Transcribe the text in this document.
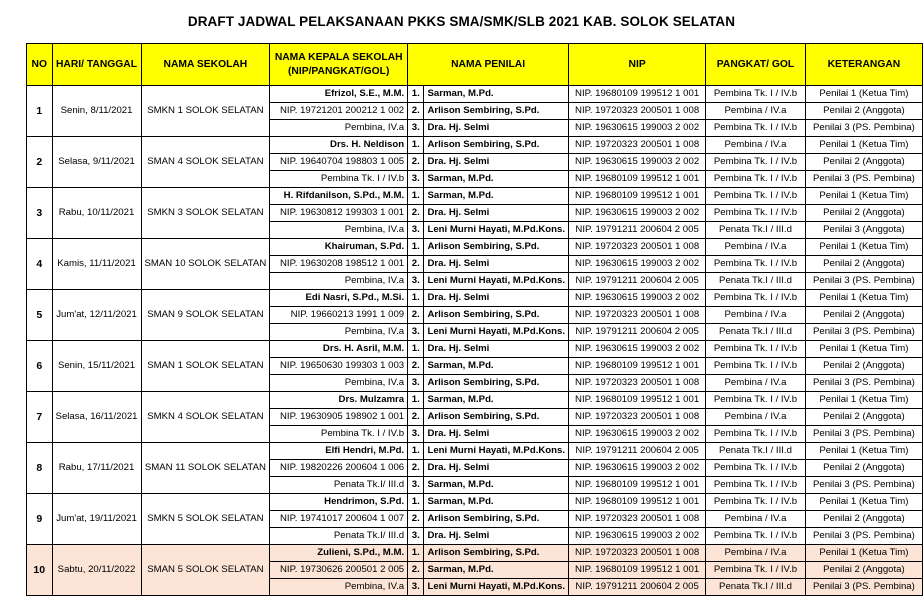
DRAFT JADWAL PELAKSANAAN PKKS SMA/SMK/SLB 2021 KAB. SOLOK SELATAN
NO	HARI/ TANGGAL	NAMA SEKOLAH	NAMA KEPALA SEKOLAH (NIP/PANGKAT/GOL)	NAMA PENILAI		NIP	PANGKAT/ GOL	KETERANGAN
1	Senin, 8/11/2021	SMKN 1 SOLOK SELATAN	Efrizol, S.E., M.M.	1.	Sarman, M.Pd.	NIP. 19680109 199512 1 001	Pembina Tk. I / IV.b	Penilai 1 (Ketua Tim)
			NIP. 19721201 200212 1 002	2.	Arlison Sembiring, S.Pd.	NIP. 19720323 200501 1 008	Pembina / IV.a	Penilai 2 (Anggota)
			Pembina, IV.a	3.	Dra. Hj. Selmi	NIP. 19630615 199003 2 002	Pembina Tk. I / IV.b	Penilai 3 (PS. Pembina)
2	Selasa, 9/11/2021	SMAN 4 SOLOK SELATAN	Drs. H. Neldison	1.	Arlison Sembiring, S.Pd.	NIP. 19720323 200501 1 008	Pembina / IV.a	Penilai 1 (Ketua Tim)
			NIP. 19640704 198803 1 005	2.	Dra. Hj. Selmi	NIP. 19630615 199003 2 002	Pembina Tk. I / IV.b	Penilai 2 (Anggota)
			Pembina Tk. I / IV.b	3.	Sarman, M.Pd.	NIP. 19680109 199512 1 001	Pembina Tk. I / IV.b	Penilai 3 (PS. Pembina)
3	Rabu, 10/11/2021	SMKN 3 SOLOK SELATAN	H. Rifdanilson, S.Pd., M.M.	1.	Sarman, M.Pd.	NIP. 19680109 199512 1 001	Pembina Tk. I / IV.b	Penilai 1 (Ketua Tim)
			NIP. 19630812 199303 1 001	2.	Dra. Hj. Selmi	NIP. 19630615 199003 2 002	Pembina Tk. I / IV.b	Penilai 2 (Anggota)
			Pembina, IV.a	3.	Leni Murni Hayati, M.Pd.Kons.	NIP. 19791211 200604 2 005	Penata Tk.I / III.d	Penilai 3 (Anggota)
4	Kamis, 11/11/2021	SMAN 10 SOLOK SELATAN	Khairuman, S.Pd.	1.	Arlison Sembiring, S.Pd.	NIP. 19720323 200501 1 008	Pembina / IV.a	Penilai 1 (Ketua Tim)
			NIP. 19630208 198512 1 001	2.	Dra. Hj. Selmi	NIP. 19630615 199003 2 002	Pembina Tk. I / IV.b	Penilai 2 (Anggota)
			Pembina, IV.a	3.	Leni Murni Hayati, M.Pd.Kons.	NIP. 19791211 200604 2 005	Penata Tk.I / III.d	Penilai 3 (PS. Pembina)
5	Jum'at, 12/11/2021	SMAN 9 SOLOK SELATAN	Edi Nasri, S.Pd., M.Si.	1.	Dra. Hj. Selmi	NIP. 19630615 199003 2 002	Pembina Tk. I / IV.b	Penilai 1 (Ketua Tim)
			NIP. 19660213 1991 1 009	2.	Arlison Sembiring, S.Pd.	NIP. 19720323 200501 1 008	Pembina / IV.a	Penilai 2 (Anggota)
			Pembina, IV.a	3.	Leni Murni Hayati, M.Pd.Kons.	NIP. 19791211 200604 2 005	Penata Tk.I / III.d	Penilai 3 (PS. Pembina)
6	Senin, 15/11/2021	SMAN 1 SOLOK SELATAN	Drs. H. Asril, M.M.	1.	Dra. Hj. Selmi	NIP. 19630615 199003 2 002	Pembina Tk. I / IV.b	Penilai 1 (Ketua Tim)
			NIP. 19650630 199303 1 003	2.	Sarman, M.Pd.	NIP. 19680109 199512 1 001	Pembina Tk. I / IV.b	Penilai 2 (Anggota)
			Pembina, IV.a	3.	Arlison Sembiring, S.Pd.	NIP. 19720323 200501 1 008	Pembina / IV.a	Penilai 3 (PS. Pembina)
7	Selasa, 16/11/2021	SMKN 4 SOLOK SELATAN	Drs. Mulzamra	1.	Sarman, M.Pd.	NIP. 19680109 199512 1 001	Pembina Tk. I / IV.b	Penilai 1 (Ketua Tim)
			NIP. 19630905 198902 1 001	2.	Arlison Sembiring, S.Pd.	NIP. 19720323 200501 1 008	Pembina / IV.a	Penilai 2 (Anggota)
			Pembina Tk. I / IV.b	3.	Dra. Hj. Selmi	NIP. 19630615 199003 2 002	Pembina Tk. I / IV.b	Penilai 3 (PS. Pembina)
8	Rabu, 17/11/2021	SMAN 11 SOLOK SELATAN	Elfi Hendri, M.Pd.	1.	Leni Murni Hayati, M.Pd.Kons.	NIP. 19791211 200604 2 005	Penata Tk.I / III.d	Penilai 1 (Ketua Tim)
			NIP. 19820226 200604 1 006	2.	Dra. Hj. Selmi	NIP. 19630615 199003 2 002	Pembina Tk. I / IV.b	Penilai 2 (Anggota)
			Penata Tk.I/ III.d	3.	Sarman, M.Pd.	NIP. 19680109 199512 1 001	Pembina Tk. I / IV.b	Penilai 3 (PS. Pembina)
9	Jum'at, 19/11/2021	SMKN 5 SOLOK SELATAN	Hendrimon, S.Pd.	1.	Sarman, M.Pd.	NIP. 19680109 199512 1 001	Pembina Tk. I / IV.b	Penilai 1 (Ketua Tim)
			NIP. 19741017 200604 1 007	2.	Arlison Sembiring, S.Pd.	NIP. 19720323 200501 1 008	Pembina / IV.a	Penilai 2 (Anggota)
			Penata Tk.I/ III.d	3.	Dra. Hj. Selmi	NIP. 19630615 199003 2 002	Pembina Tk. I / IV.b	Penilai 3 (PS. Pembina)
10	Sabtu, 20/11/2022	SMAN 5 SOLOK SELATAN	Zulieni, S.Pd., M.M.	1.	Arlison Sembiring, S.Pd.	NIP. 19720323 200501 1 008	Pembina / IV.a	Penilai 1 (Ketua Tim)
			NIP. 19730626 200501 2 005	2.	Sarman, M.Pd.	NIP. 19680109 199512 1 001	Pembina Tk. I / IV.b	Penilai 2 (Anggota)
			Pembina, IV.a	3.	Leni Murni Hayati, M.Pd.Kons.	NIP. 19791211 200604 2 005	Penata Tk.I / III.d	Penilai 3 (PS. Pembina)
